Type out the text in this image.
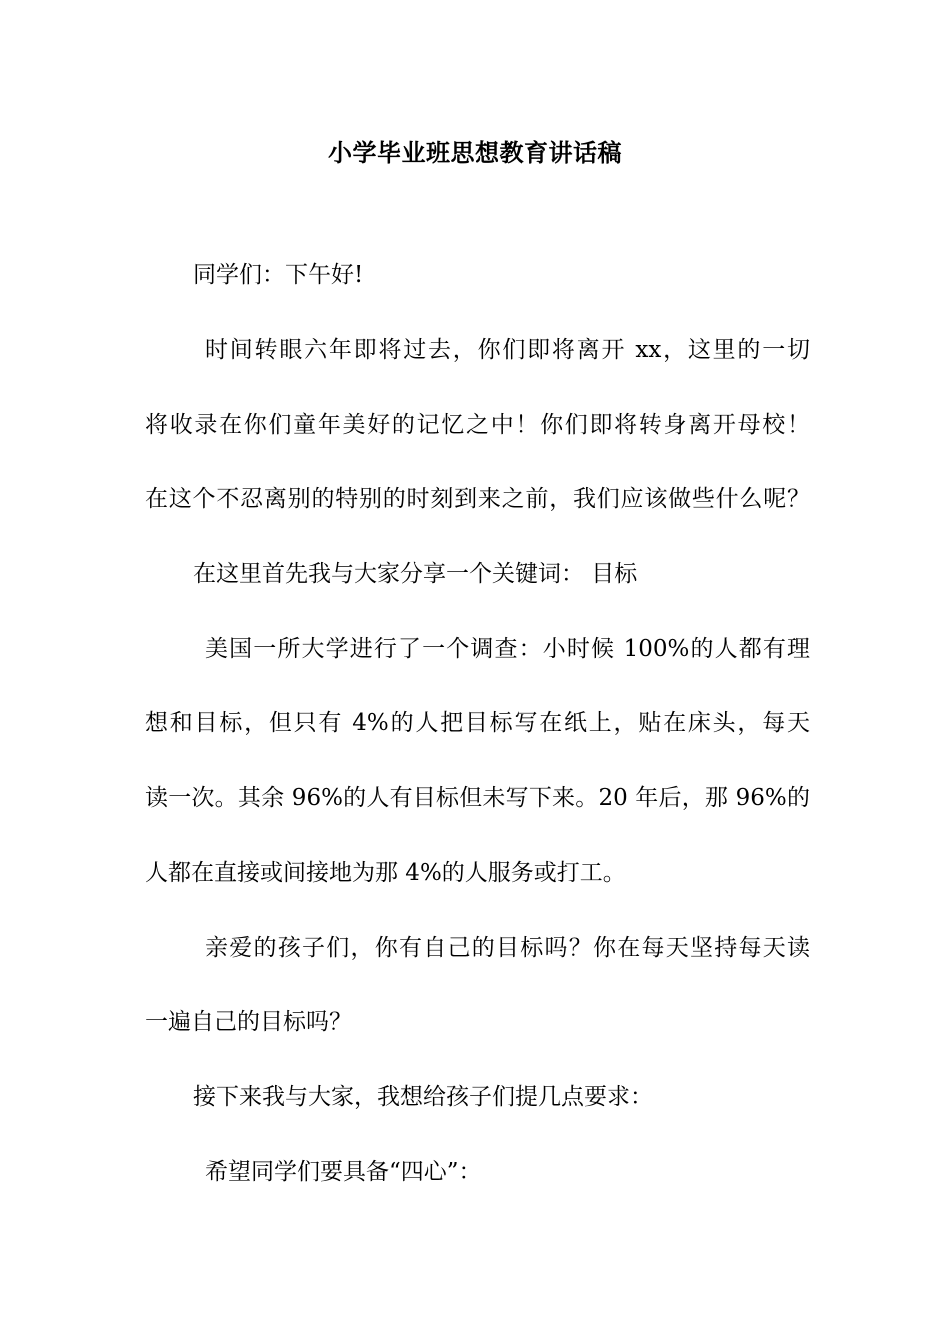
小学毕业班思想教育讲话稿
同学们：下午好!
时间转眼六年即将过去，你们即将离开 xx，这里的一切
将收录在你们童年美好的记忆之中！你们即将转身离开母校！
在这个不忍离别的特别的时刻到来之前，我们应该做些什么呢？
在这里首先我与大家分享一个关键词： 目标
美国一所大学进行了一个调查：小时候 100%的人都有理
想和目标，但只有 4%的人把目标写在纸上，贴在床头，每天
读一次。其余 96%的人有目标但未写下来。20 年后，那 96%的
人都在直接或间接地为那 4%的人服务或打工。
亲爱的孩子们，你有自己的目标吗？你在每天坚持每天读
一遍自己的目标吗？
接下来我与大家，我想给孩子们提几点要求：
希望同学们要具备“四心”：
